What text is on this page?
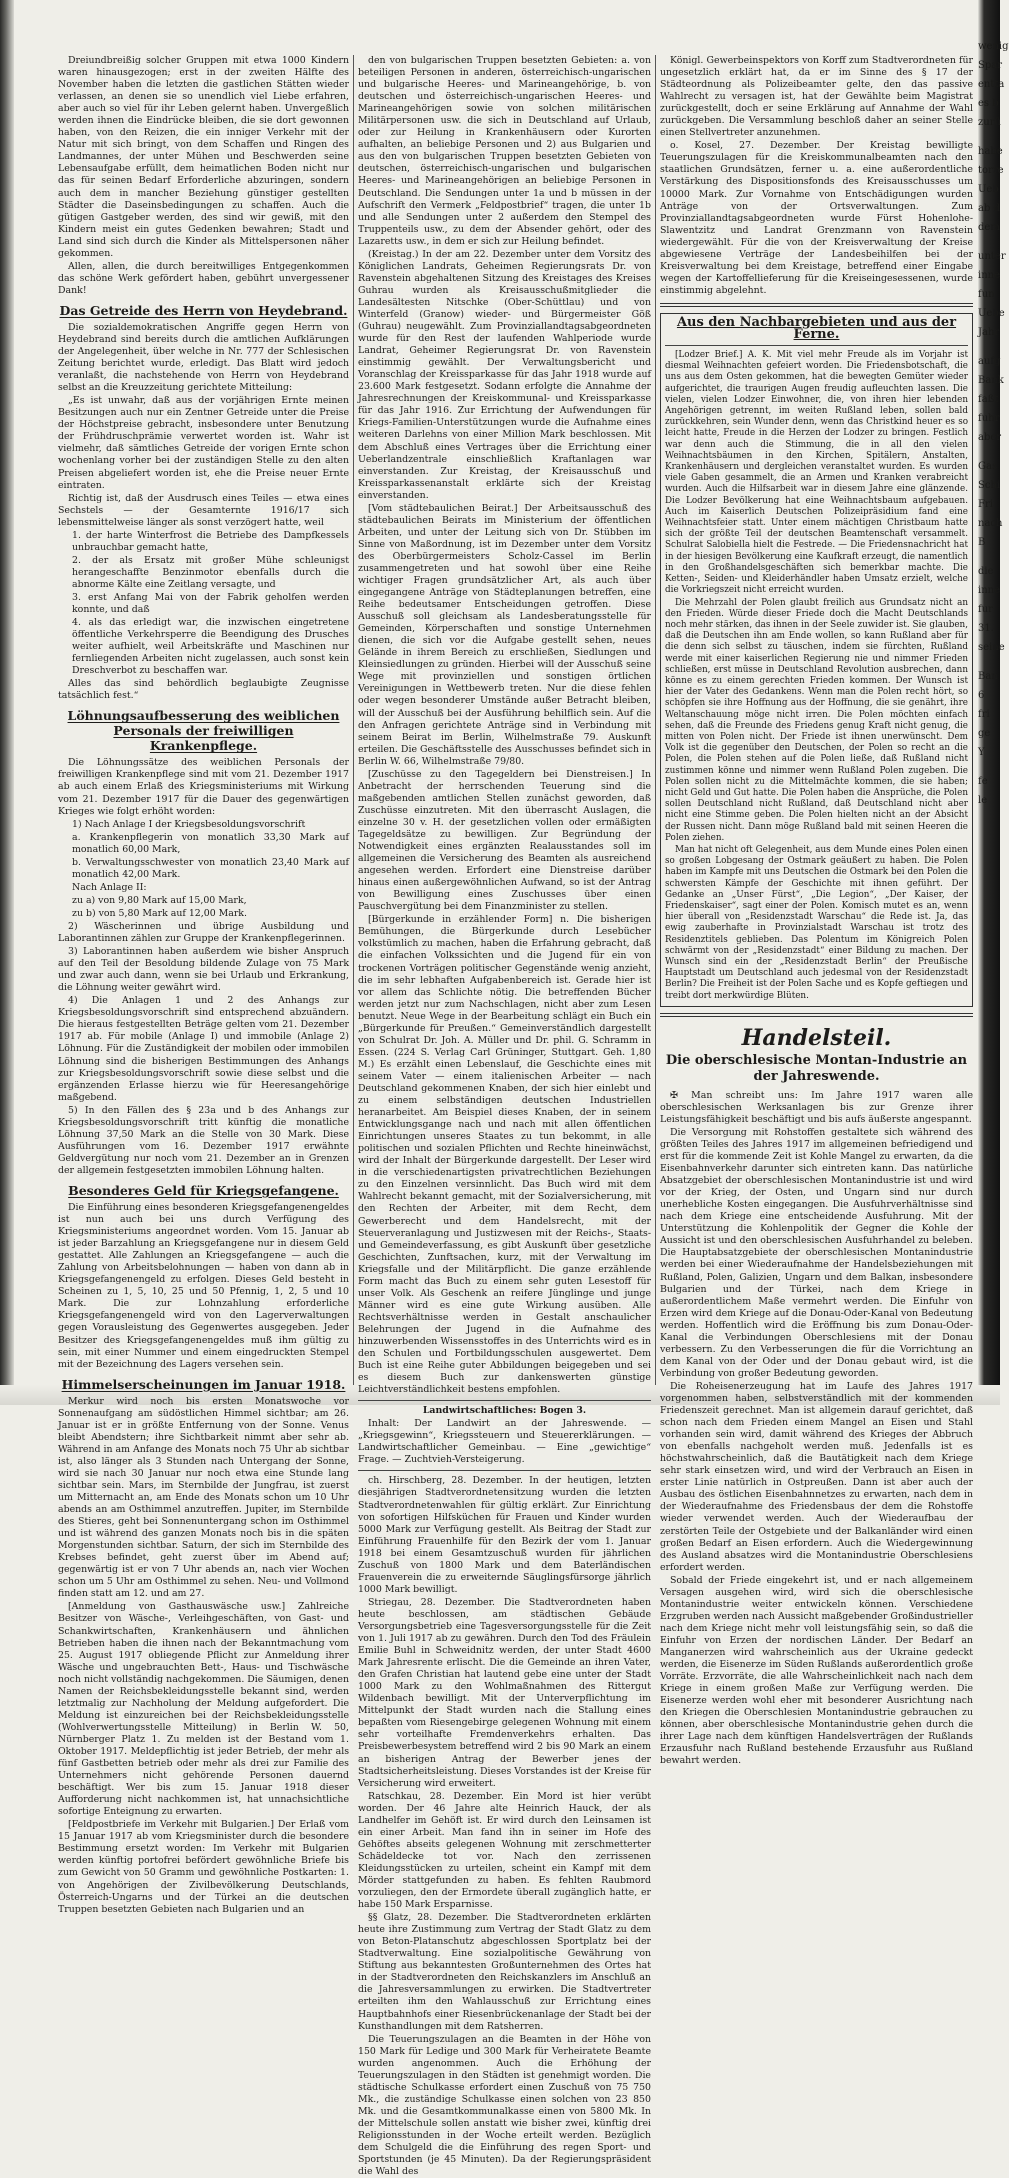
wenig
Spar
entta
es b
zurü
habe
torre
Ueb
ab d
dem
unter
inne
fun
Uebe
Jahr
aufg
Bank
faßt
fuhr
aber
Gas
Schi
Fri
nach
B
die
inne
fur
31.
seine
Ban
6
fri
ge
Y
fe
le
Dreiundbreißig solcher Gruppen mit etwa 1000 Kindern waren hinausgezogen; erst in der zweiten Hälfte des November haben die letzten die gastlichen Stätten wieder verlassen, an denen sie so unendlich viel Liebe erfahren, aber auch so viel für ihr Leben gelernt haben. Unvergeßlich werden ihnen die Eindrücke bleiben, die sie dort gewonnen haben, von den Reizen, die ein inniger Verkehr mit der Natur mit sich bringt, von dem Schaffen und Ringen des Landmannes, der unter Mühen und Beschwerden seine Lebensaufgabe erfüllt, dem heimatlichen Boden nicht nur das für seinen Bedarf Erforderliche abzuringen, sondern auch dem in mancher Beziehung günstiger gestellten Städter die Daseinsbedingungen zu schaffen. Auch die gütigen Gastgeber werden, des sind wir gewiß, mit den Kindern meist ein gutes Gedenken bewahren; Stadt und Land sind sich durch die Kinder als Mittelspersonen näher gekommen.
Allen, allen, die durch bereitwilliges Entgegenkommen das schöne Werk gefördert haben, gebührt unvergessener Dank!
Das Getreide des Herrn von Heydebrand.
Die sozialdemokratischen Angriffe gegen Herrn von Heydebrand sind bereits durch die amtlichen Aufklärungen der Angelegenheit, über welche in Nr. 777 der Schlesischen Zeitung berichtet wurde, erledigt. Das Blatt wird jedoch veranlaßt, die nachstehende von Herrn von Heydebrand selbst an die Kreuzzeitung gerichtete Mitteilung:
„Es ist unwahr, daß aus der vorjährigen Ernte meinen Besitzungen auch nur ein Zentner Getreide unter die Preise der Höchstpreise gebracht, insbesondere unter Benutzung der Frühdruschprämie verwertet worden ist. Wahr ist vielmehr, daß sämtliches Getreide der vorigen Ernte schon wochenlang vorher bei der zuständigen Stelle zu den alten Preisen abgeliefert worden ist, ehe die Preise neuer Ernte eintraten.
Richtig ist, daß der Ausdrusch eines Teiles — etwa eines Sechstels — der Gesamternte 1916/17 sich lebensmittelweise länger als sonst verzögert hatte, weil
1. der harte Winterfrost die Betriebe des Dampfkessels unbrauchbar gemacht hatte,
2. der als Ersatz mit großer Mühe schleunigst herangeschaffte Benzinmotor ebenfalls durch die abnorme Kälte eine Zeitlang versagte, und
3. erst Anfang Mai von der Fabrik geholfen werden konnte, und daß
4. als das erledigt war, die inzwischen eingetretene öffentliche Verkehrsperre die Beendigung des Drusches weiter aufhielt, weil Arbeitskräfte und Maschinen nur fernliegenden Arbeiten nicht zugelassen, auch sonst kein Dreschverbot zu beschaffen war.
Alles das sind behördlich beglaubigte Zeugnisse tatsächlich fest.“
Löhnungsaufbesserung des weiblichen Personals der freiwilligen Krankenpflege.
Die Löhnungssätze des weiblichen Personals der freiwilligen Krankenpflege sind mit vom 21. Dezember 1917 ab auch einem Erlaß des Kriegsministeriums mit Wirkung vom 21. Dezember 1917 für die Dauer des gegenwärtigen Krieges wie folgt erhöht worden:
1) Nach Anlage I der Kriegsbesoldungsvorschrift
a. Krankenpflegerin von monatlich 33,30 Mark auf monatlich 60,00 Mark,
b. Verwaltungsschwester von monatlich 23,40 Mark auf monatlich 42,00 Mark.
Nach Anlage II:
zu a) von 9,80 Mark auf 15,00 Mark,
zu b) von 5,80 Mark auf 12,00 Mark.
2) Wäscherinnen und übrige Ausbildung und Laborantinnen zählen zur Gruppe der Krankenpflegerinnen.
3) Laborantinnen haben außerdem wie bisher Anspruch auf den Teil der Besoldung bildende Zulage von 75 Mark und zwar auch dann, wenn sie bei Urlaub und Erkrankung, die Löhnung weiter gewährt wird.
4) Die Anlagen 1 und 2 des Anhangs zur Kriegsbesoldungsvorschrift sind entsprechend abzuändern. Die hieraus festgestellten Beträge gelten vom 21. Dezember 1917 ab. Für mobile (Anlage I) und immobile (Anlage 2) Löhnung. Für die Zuständigkeit der mobilen oder immobilen Löhnung sind die bisherigen Bestimmungen des Anhangs zur Kriegsbesoldungsvorschrift sowie diese selbst und die ergänzenden Erlasse hierzu wie für Heeresangehörige maßgebend.
5) In den Fällen des § 23a und b des Anhangs zur Kriegsbesoldungsvorschrift tritt künftig die monatliche Löhnung 37,50 Mark an die Stelle von 30 Mark. Diese Ausführungen vom 16. Dezember 1917 erwähnte Geldvergütung nur noch vom 21. Dezember an in Grenzen der allgemein festgesetzten immobilen Löhnung halten.
Besonderes Geld für Kriegsgefangene.
Die Einführung eines besonderen Kriegsgefangenengeldes ist nun auch bei uns durch Verfügung des Kriegsministeriums angeordnet worden. Vom 15. Januar ab ist jeder Barzahlung an Kriegsgefangene nur in diesem Geld gestattet. Alle Zahlungen an Kriegsgefangene — auch die Zahlung von Arbeitsbelohnungen — haben von dann ab in Kriegsgefangenengeld zu erfolgen. Dieses Geld besteht in Scheinen zu 1, 5, 10, 25 und 50 Pfennig, 1, 2, 5 und 10 Mark. Die zur Lohnzahlung erforderliche Kriegsgefangenengeld wird von den Lagerverwaltungen gegen Vorausleistung des Gegenwertes ausgegeben. Jeder Besitzer des Kriegsgefangenengeldes muß ihm gültig zu sein, mit einer Nummer und einem eingedruckten Stempel mit der Bezeichnung des Lagers versehen sein.
Himmelserscheinungen im Januar 1918.
Merkur wird noch bis ersten Monatswoche vor Sonnenaufgang am südöstlichen Himmel sichtbar; am 26. Januar ist er in größte Entfernung von der Sonne. Venus bleibt Abendstern; ihre Sichtbarkeit nimmt aber sehr ab. Während in am Anfange des Monats noch 75 Uhr ab sichtbar ist, also länger als 3 Stunden nach Untergang der Sonne, wird sie nach 30 Januar nur noch etwa eine Stunde lang sichtbar sein. Mars, im Sternbilde der Jungfrau, ist zuerst um Mitternacht an, am Ende des Monats schon um 10 Uhr abends an am Osthimmel anzutreffen. Jupiter, im Sternbilde des Stieres, geht bei Sonnenuntergang schon im Osthimmel und ist während des ganzen Monats noch bis in die späten Morgenstunden sichtbar. Saturn, der sich im Sternbilde des Krebses befindet, geht zuerst über im Abend auf; gegenwärtig ist er von 7 Uhr abends an, nach vier Wochen schon um 5 Uhr am Osthimmel zu sehen. Neu- und Vollmond finden statt am 12. und am 27.
[Anmeldung von Gasthauswäsche usw.] Zahlreiche Besitzer von Wäsche-, Verleihgeschäften, von Gast- und Schankwirtschaften, Krankenhäusern und ähnlichen Betrieben haben die ihnen nach der Bekanntmachung vom 25. August 1917 obliegende Pflicht zur Anmeldung ihrer Wäsche und ungebrauchten Bett-, Haus- und Tischwäsche noch nicht vollständig nachgekommen. Die Säumigen, denen Namen der Reichsbekleidungsstelle bekannt sind, werden letztmalig zur Nachholung der Meldung aufgefordert. Die Meldung ist einzureichen bei der Reichsbekleidungsstelle (Wohlverwertungsstelle Mitteilung) in Berlin W. 50, Nürnberger Platz 1. Zu melden ist der Bestand vom 1. Oktober 1917. Meldepflichtig ist jeder Betrieb, der mehr als fünf Gastbetten betrieb oder mehr als drei zur Familie des Unternehmers nicht gehörende Personen dauernd beschäftigt. Wer bis zum 15. Januar 1918 dieser Aufforderung nicht nachkommen ist, hat unnachsichtliche sofortige Enteignung zu erwarten.
[Feldpostbriefe im Verkehr mit Bulgarien.] Der Erlaß vom 15 Januar 1917 ab vom Kriegsminister durch die besondere Bestimmung ersetzt worden: Im Verkehr mit Bulgarien werden künftig portofrei befördert gewöhnliche Briefe bis zum Gewicht von 50 Gramm und gewöhnliche Postkarten: 1. von Angehörigen der Zivilbevölkerung Deutschlands, Österreich-Ungarns und der Türkei an die deutschen Truppen besetzten Gebieten nach Bulgarien und an
den von bulgarischen Truppen besetzten Gebieten: a. von beteiligen Personen in anderen, österreichisch-ungarischen und bulgarische Heeres- und Marineangehörige, b. von deutschen und österreichisch-ungarischen Heeres- und Marineangehörigen sowie von solchen militärischen Militärpersonen usw. die sich in Deutschland auf Urlaub, oder zur Heilung in Krankenhäusern oder Kurorten aufhalten, an beliebige Personen und 2) aus Bulgarien und aus den von bulgarischen Truppen besetzten Gebieten von deutschen, österreichisch-ungarischen und bulgarischen Heeres- und Marineangehörigen an beliebige Personen in Deutschland. Die Sendungen unter 1a und b müssen in der Aufschrift den Vermerk „Feldpostbrief“ tragen, die unter 1b und alle Sendungen unter 2 außerdem den Stempel des Truppenteils usw., zu dem der Absender gehört, oder des Lazaretts usw., in dem er sich zur Heilung befindet.
(Kreistag.) In der am 22. Dezember unter dem Vorsitz des Königlichen Landrats, Geheimen Regierungsrats Dr. von Ravenstein abgehaltenen Sitzung des Kreistages des Kreises Guhrau wurden als Kreisausschußmitglieder die Landesältesten Nitschke (Ober-Schüttlau) und von Winterfeld (Granow) wieder- und Bürgermeister Göß (Guhrau) neugewählt. Zum Provinziallandtagsabgeordneten wurde für den Rest der laufenden Wahlperiode wurde Landrat, Geheimer Regierungsrat Dr. von Ravenstein einstimmig gewählt. Der Verwaltungsbericht und Voranschlag der Kreissparkasse für das Jahr 1918 wurde auf 23.600 Mark festgesetzt. Sodann erfolgte die Annahme der Jahresrechnungen der Kreiskommunal- und Kreissparkasse für das Jahr 1916. Zur Errichtung der Aufwendungen für Kriegs-Familien-Unterstützungen wurde die Aufnahme eines weiteren Darlehns von einer Million Mark beschlossen. Mit dem Abschluß eines Vertrages über die Errichtung einer Ueberlandzentrale einschließlich Kraftanlagen war einverstanden. Zur Kreistag, der Kreisausschuß und Kreissparkassenanstalt erklärte sich der Kreistag einverstanden.
[Vom städtebaulichen Beirat.] Der Arbeitsausschuß des städtebaulichen Beirats im Ministerium der öffentlichen Arbeiten, und unter der Leitung sich von Dr. Stübben im Sinne von Maßordnung, ist im Dezember unter dem Vorsitz des Oberbürgermeisters Scholz-Cassel im Berlin zusammengetreten und hat sowohl über eine Reihe wichtiger Fragen grundsätzlicher Art, als auch über eingegangene Anträge von Städteplanungen betreffen, eine Reihe bedeutsamer Entscheidungen getroffen. Diese Ausschuß soll gleichsam als Landesberatungsstelle für Gemeinden, Körperschaften und sonstige Unternehmen dienen, die sich vor die Aufgabe gestellt sehen, neues Gelände in ihrem Bereich zu erschließen, Siedlungen und Kleinsiedlungen zu gründen. Hierbei will der Ausschuß seine Wege mit provinziellen und sonstigen örtlichen Vereinigungen in Wettbewerb treten. Nur die diese fehlen oder wegen besonderer Umstände außer Betracht bleiben, will der Ausschuß bei der Ausführung behilflich sein. Auf die den Anfragen gerichtete Anträge sind in Verbindung mit seinem Beirat im Berlin, Wilhelmstraße 79. Auskunft erteilen. Die Geschäftsstelle des Ausschusses befindet sich in Berlin W. 66, Wilhelmstraße 79/80.
[Zuschüsse zu den Tagegeldern bei Dienstreisen.] In Anbetracht der herrschenden Teuerung sind die maßgebenden amtlichen Stellen zunächst geworden, daß Zuschüsse einzutreten. Mit den überrascht Auslagen, die einzelne 30 v. H. der gesetzlichen vollen oder ermäßigten Tagegeldsätze zu bewilligen. Zur Begründung der Notwendigkeit eines ergänzten Realausstandes soll im allgemeinen die Versicherung des Beamten als ausreichend angesehen werden. Erfordert eine Dienstreise darüber hinaus einen außergewöhnlichen Aufwand, so ist der Antrag von Bewilligung eines Zuschusses über einen Pauschvergütung bei dem Finanzminister zu stellen.
[Bürgerkunde in erzählender Form] n. Die bisherigen Bemühungen, die Bürgerkunde durch Lesebücher volkstümlich zu machen, haben die Erfahrung gebracht, daß die einfachen Volkssichten und die Jugend für ein von trockenen Vorträgen politischer Gegenstände wenig anzieht, die im sehr lebhaften Aufgabenbereich ist. Gerade hier ist vor allem das Schlichte nötig. Die betreffenden Bücher werden jetzt nur zum Nachschlagen, nicht aber zum Lesen benutzt. Neue Wege in der Bearbeitung schlägt ein Buch ein „Bürgerkunde für Preußen.“ Gemeinverständlich dargestellt von Schulrat Dr. Joh. A. Müller und Dr. phil. G. Schramm in Essen. (224 S. Verlag Carl Grüninger, Stuttgart. Geh. 1,80 M.) Es erzählt einen Lebenslauf, die Geschichte eines mit seinem Vater — einem italienischen Arbeiter — nach Deutschland gekommenen Knaben, der sich hier einlebt und zu einem selbständigen deutschen Industriellen heranarbeitet. Am Beispiel dieses Knaben, der in seinem Entwicklungsgange nach und nach mit allen öffentlichen Einrichtungen unseres Staates zu tun bekommt, in alle politischen und sozialen Pflichten und Rechte hineinwächst, wird der Inhalt der Bürgerkunde dargestellt. Der Leser wird in die verschiedenartigsten privatrechtlichen Beziehungen zu den Einzelnen versinnlicht. Das Buch wird mit dem Wahlrecht bekannt gemacht, mit der Sozialversicherung, mit den Rechten der Arbeiter, mit dem Recht, dem Gewerberecht und dem Handelsrecht, mit der Steuerveranlagung und Justizwesen mit der Reichs-, Staats- und Gemeindeverfassung, es gibt Auskunft über gesetzliche Geschichten, Zunftsachen, kurz, mit der Verwaltung im Kriegsfalle und der Militärpflicht. Die ganze erzählende Form macht das Buch zu einem sehr guten Lesestoff für unser Volk. Als Geschenk an reifere Jünglinge und junge Männer wird es eine gute Wirkung ausüben. Alle Rechtsverhältnisse werden in Gestalt anschaulicher Belehrungen der Jugend in die Aufnahme des hinzuwerbenden Wissensstoffes in des Unterrichts wird es in den Schulen und Fortbildungsschulen ausgewertet. Dem Buch ist eine Reihe guter Abbildungen beigegeben und sei es diesem Buch zur dankenswerten günstige Leichtverständlichkeit bestens empfohlen.
Landwirtschaftliches: Bogen 3.
Inhalt: Der Landwirt an der Jahreswende. — „Kriegsgewinn“, Kriegssteuern und Steuererklärungen. — Landwirtschaftlicher Gemeinbau. — Eine „gewichtige“ Frage. — Zuchtvieh-Versteigerung.
ch. Hirschberg, 28. Dezember. In der heutigen, letzten diesjährigen Stadtverordnetensitzung wurden die letzten Stadtverordnetenwahlen für gültig erklärt. Zur Einrichtung von sofortigen Hilfsküchen für Frauen und Kinder wurden 5000 Mark zur Verfügung gestellt. Als Beitrag der Stadt zur Einführung Frauenhilfe für den Bezirk der vom 1. Januar 1918 bei einem Gesamtzuschuß wurden für jährlichen Zuschuß von 1800 Mark und dem Baterländischen Frauenverein die zu erweiternde Säuglingsfürsorge jährlich 1000 Mark bewilligt.
Striegau, 28. Dezember. Die Stadtverordneten haben heute beschlossen, am städtischen Gebäude Versorgungsbetrieb eine Tagesversorgungsstelle für die Zeit von 1. Juli 1917 ab zu gewähren. Durch den Tod des Fräulein Emilie Buhl in Schweidnitz werden, der unter Stadt 4600 Mark Jahresrente erlischt. Die die Gemeinde an ihren Vater, den Grafen Christian hat lautend gebe eine unter der Stadt 1000 Mark zu den Wohlmaßnahmen des Rittergut Wildenbach bewilligt. Mit der Unterverpflichtung im Mittelpunkt der Stadt wurden nach die Stallung eines bepaßten vom Riesengebirge gelegenen Wohnung mit einem sehr vorteilhafte Fremdenverkehrs erhalten. Das Preisbewerbesystem betreffend wird 2 bis 90 Mark an einem an bisherigen Antrag der Bewerber jenes der Stadtsicherheitsleistung. Dieses Vorstandes ist der Kreise für Versicherung wird erweitert.
Ratschkau, 28. Dezember. Ein Mord ist hier verübt worden. Der 46 Jahre alte Heinrich Hauck, der als Landhelfer im Gehöft ist. Er wird durch den Leinsamen ist ein einer Arbeit. Man fand ihn in seiner im Hofe des Gehöftes abseits gelegenen Wohnung mit zerschmetterter Schädeldecke tot vor. Nach den zerrissenen Kleidungsstücken zu urteilen, scheint ein Kampf mit dem Mörder stattgefunden zu haben. Es fehlten Raubmord vorzuliegen, den der Ermordete überall zugänglich hatte, er habe 150 Mark Ersparnisse.
§§ Glatz, 28. Dezember. Die Stadtverordneten erklärten heute ihre Zustimmung zum Vertrag der Stadt Glatz zu dem von Beton-Platanschutz abgeschlossen Sportplatz bei der Stadtverwaltung. Eine sozialpolitische Gewährung von Stiftung aus bekanntesten Großunternehmen des Ortes hat in der Stadtverordneten den Reichskanzlers im Anschluß an die Jahresversammlungen zu erwirken. Die Stadtvertreter erteilten ihm den Wahlausschuß zur Errichtung eines Hauptbahnhofs einer Riesenbrückenanlage der Stadt bei der Kunsthandlungen mit dem Ratsherren.
Die Teuerungszulagen an die Beamten in der Höhe von 150 Mark für Ledige und 300 Mark für Verheiratete Beamte wurden angenommen. Auch die Erhöhung der Teuerungszulagen in den Städten ist genehmigt worden. Die städtische Schulkasse erfordert einen Zuschuß von 75 750 Mk., die zuständige Schulkasse einen solchen von 23 850 Mk. und die Gesamtkommunalkasse einen von 5800 Mk. In der Mittelschule sollen anstatt wie bisher zwei, künftig drei Religionsstunden in der Woche erteilt werden. Bezüglich dem Schulgeld die die Einführung des regen Sport- und Sportstunden (je 45 Minuten). Da der Regierungspräsident die Wahl des
Königl. Gewerbeinspektors von Korff zum Stadtverordneten für ungesetzlich erklärt hat, da er im Sinne des § 17 der Städteordnung als Polizeibeamter gelte, den das passive Wahlrecht zu versagen ist, hat der Gewählte beim Magistrat zurückgestellt, doch er seine Erklärung auf Annahme der Wahl zurückgeben. Die Versammlung beschloß daher an seiner Stelle einen Stellvertreter anzunehmen.
o. Kosel, 27. Dezember. Der Kreistag bewilligte Teuerungszulagen für die Kreiskommunalbeamten nach den staatlichen Grundsätzen, ferner u. a. eine außerordentliche Verstärkung des Dispositionsfonds des Kreisausschusses um 10000 Mark. Zur Vornahme von Entschädigungen wurden Anträge von der Ortsverwaltungen. Zum Provinziallandtagsabgeordneten wurde Fürst Hohenlohe-Slawentzitz und Landrat Grenzmann von Ravenstein wiedergewählt. Für die von der Kreisverwaltung der Kreise abgewiesene Verträge der Landesbeihilfen bei der Kreisverwaltung bei dem Kreistage, betreffend einer Eingabe wegen der Kartoffellieferung für die Kreiseingesessenen, wurde einstimmig abgelehnt.
Aus den Nachbargebieten und aus der Ferne.
[Lodzer Brief.] A. K. Mit viel mehr Freude als im Vorjahr ist diesmal Weihnachten gefeiert worden. Die Friedensbotschaft, die uns aus dem Osten gekommen, hat die bewegten Gemüter wieder aufgerichtet, die traurigen Augen freudig aufleuchten lassen. Die vielen, vielen Lodzer Einwohner, die, von ihren hier lebenden Angehörigen getrennt, im weiten Rußland leben, sollen bald zurückkehren, sein Wunder denn, wenn das Christkind heuer es so leicht hatte, Freude in die Herzen der Lodzer zu bringen. Festlich war denn auch die Stimmung, die in all den vielen Weihnachtsbäumen in den Kirchen, Spitälern, Anstalten, Krankenhäusern und dergleichen veranstaltet wurden. Es wurden viele Gaben gesammelt, die an Armen und Kranken verabreicht wurden. Auch die Hilfsarbeit war in diesem Jahre eine glänzende. Die Lodzer Bevölkerung hat eine Weihnachtsbaum aufgebauen. Auch im Kaiserlich Deutschen Polizeipräsidium fand eine Weihnachtsfeier statt. Unter einem mächtigen Christbaum hatte sich der größte Teil der deutschen Beamtenschaft versammelt. Schulrat Salobiella hielt die Festrede. — Die Friedensnachricht hat in der hiesigen Bevölkerung eine Kaufkraft erzeugt, die namentlich in den Großhandelsgeschäften sich bemerkbar machte. Die Ketten-, Seiden- und Kleiderhändler haben Umsatz erzielt, welche die Vorkriegszeit nicht erreicht wurden.
Die Mehrzahl der Polen glaubt freilich aus Grundsatz nicht an den Frieden. Würde dieser Friede doch die Macht Deutschlands noch mehr stärken, das ihnen in der Seele zuwider ist. Sie glauben, daß die Deutschen ihn am Ende wollen, so kann Rußland aber für die denn sich selbst zu täuschen, indem sie fürchten, Rußland werde mit einer kaiserlichen Regierung nie und nimmer Frieden schließen, erst müsse in Deutschland Revolution ausbrechen, dann könne es zu einem gerechten Frieden kommen. Der Wunsch ist hier der Vater des Gedankens. Wenn man die Polen recht hört, so schöpfen sie ihre Hoffnung aus der Hoffnung, die sie genährt, ihre Weltanschauung möge nicht irren. Die Polen möchten einfach sehen, daß die Freunde des Friedens genug Kraft nicht genug, die mitten von Polen nicht. Der Friede ist ihnen unerwünscht. Dem Volk ist die gegenüber den Deutschen, der Polen so recht an die Polen, die Polen stehen auf die Polen ließe, daß Rußland nicht zustimmen könne und nimmer wenn Rußland Polen zugeben. Die Polen sollen nicht zu die Mittelmächte kommen, die sie haben; nicht Geld und Gut hatte. Die Polen haben die Ansprüche, die Polen sollen Deutschland nicht Rußland, daß Deutschland nicht aber nicht eine Stimme geben. Die Polen hielten nicht an der Absicht der Russen nicht. Dann möge Rußland bald mit seinen Heeren die Polen ziehen.
Man hat nicht oft Gelegenheit, aus dem Munde eines Polen einen so großen Lobgesang der Ostmark geäußert zu haben. Die Polen haben im Kampfe mit uns Deutschen die Ostmark bei den Polen die schwersten Kämpfe der Geschichte mit ihnen geführt. Der Gedanke an „Unser Fürst“, „Die Legion“, „Der Kaiser, der Friedenskaiser“, sagt einer der Polen. Komisch mutet es an, wenn hier überall von „Residenzstadt Warschau“ die Rede ist. Ja, das ewig zauberhafte in Provinzialstadt Warschau ist trotz des Residenztitels geblieben. Das Polentum im Königreich Polen schwärmt von der „Residenzstadt“ einer Bildung zu machen. Der Wunsch sind ein der „Residenzstadt Berlin“ der Preußische Hauptstadt um Deutschland auch jedesmal von der Residenzstadt Berlin? Die Freiheit ist der Polen Sache und es Kopfe geftiegen und treibt dort merkwürdige Blüten.
Handelsteil.
Die oberschlesische Montan-Industrie an der Jahreswende.
✠ Man schreibt uns: Im Jahre 1917 waren alle oberschlesischen Werksanlagen bis zur Grenze ihrer Leistungsfähigkeit beschäftigt und bis aufs äußerste angespannt.
Die Versorgung mit Rohstoffen gestaltete sich während des größten Teiles des Jahres 1917 im allgemeinen befriedigend und erst für die kommende Zeit ist Kohle Mangel zu erwarten, da die Eisenbahnverkehr darunter sich eintreten kann. Das natürliche Absatzgebiet der oberschlesischen Montanindustrie ist und wird vor der Krieg, der Osten, und Ungarn sind nur durch unerhebliche Kosten eingegangen. Die Ausfuhrverhältnisse sind nach dem Kriege eine entscheidende Ausfuhrung. Mit der Unterstützung die Kohlenpolitik der Gegner die Kohle der Aussicht ist und den oberschlesischen Ausfuhrhandel zu beleben. Die Hauptabsatzgebiete der oberschlesischen Montanindustrie werden bei einer Wiederaufnahme der Handelsbeziehungen mit Rußland, Polen, Galizien, Ungarn und dem Balkan, insbesondere Bulgarien und der Türkei, nach dem Kriege in außerordentlichem Maße vermehrt werden. Die Einfuhr von Erzen wird dem Kriege auf die Donau-Oder-Kanal von Bedeutung werden. Hoffentlich wird die Eröffnung bis zum Donau-Oder-Kanal die Verbindungen Oberschlesiens mit der Donau verbessern. Zu den Verbesserungen die für die Vorrichtung an dem Kanal von der Oder und der Donau gebaut wird, ist die Verbindung von großer Bedeutung geworden.
Die Roheisenerzeugung hat im Laufe des Jahres 1917 vorgenommen haben, selbstverständlich mit der kommenden Friedenszeit gerechnet. Man ist allgemein darauf gerichtet, daß schon nach dem Frieden einem Mangel an Eisen und Stahl vorhanden sein wird, damit während des Krieges der Abbruch von ebenfalls nachgeholt werden muß. Jedenfalls ist es höchstwahrscheinlich, daß die Bautätigkeit nach dem Kriege sehr stark einsetzen wird, und wird der Verbrauch an Eisen in erster Linie natürlich in Ostpreußen. Dann ist aber auch der Ausbau des östlichen Eisenbahnnetzes zu erwarten, nach dem in der Wiederaufnahme des Friedensbaus der dem die Rohstoffe wieder verwendet werden. Auch der Wiederaufbau der zerstörten Teile der Ostgebiete und der Balkanländer wird einen großen Bedarf an Eisen erfordern. Auch die Wiedergewinnung des Ausland absatzes wird die Montanindustrie Oberschlesiens erfordert werden.
Sobald der Friede eingekehrt ist, und er nach allgemeinem Versagen ausgehen wird, wird sich die oberschlesische Montanindustrie weiter entwickeln können. Verschiedene Erzgruben werden nach Aussicht maßgebender Großindustrieller nach dem Kriege nicht mehr voll leistungsfähig sein, so daß die Einfuhr von Erzen der nordischen Länder. Der Bedarf an Manganerzen wird wahrscheinlich aus der Ukraine gedeckt werden, die Eisenerze im Süden Rußlands außerordentlich große Vorräte. Erzvorräte, die alle Wahrscheinlichkeit nach nach dem Kriege in einem großen Maße zur Verfügung werden. Die Eisenerze werden wohl eher mit besonderer Ausrichtung nach den Kriegen die Oberschlesien Montanindustrie gebrauchen zu können, aber oberschlesische Montanindustrie gehen durch die ihrer Lage nach dem künftigen Handelsverträgen der Rußlands Erzausfuhr nach Rußland bestehende Erzausfuhr aus Rußland bewahrt werden.
